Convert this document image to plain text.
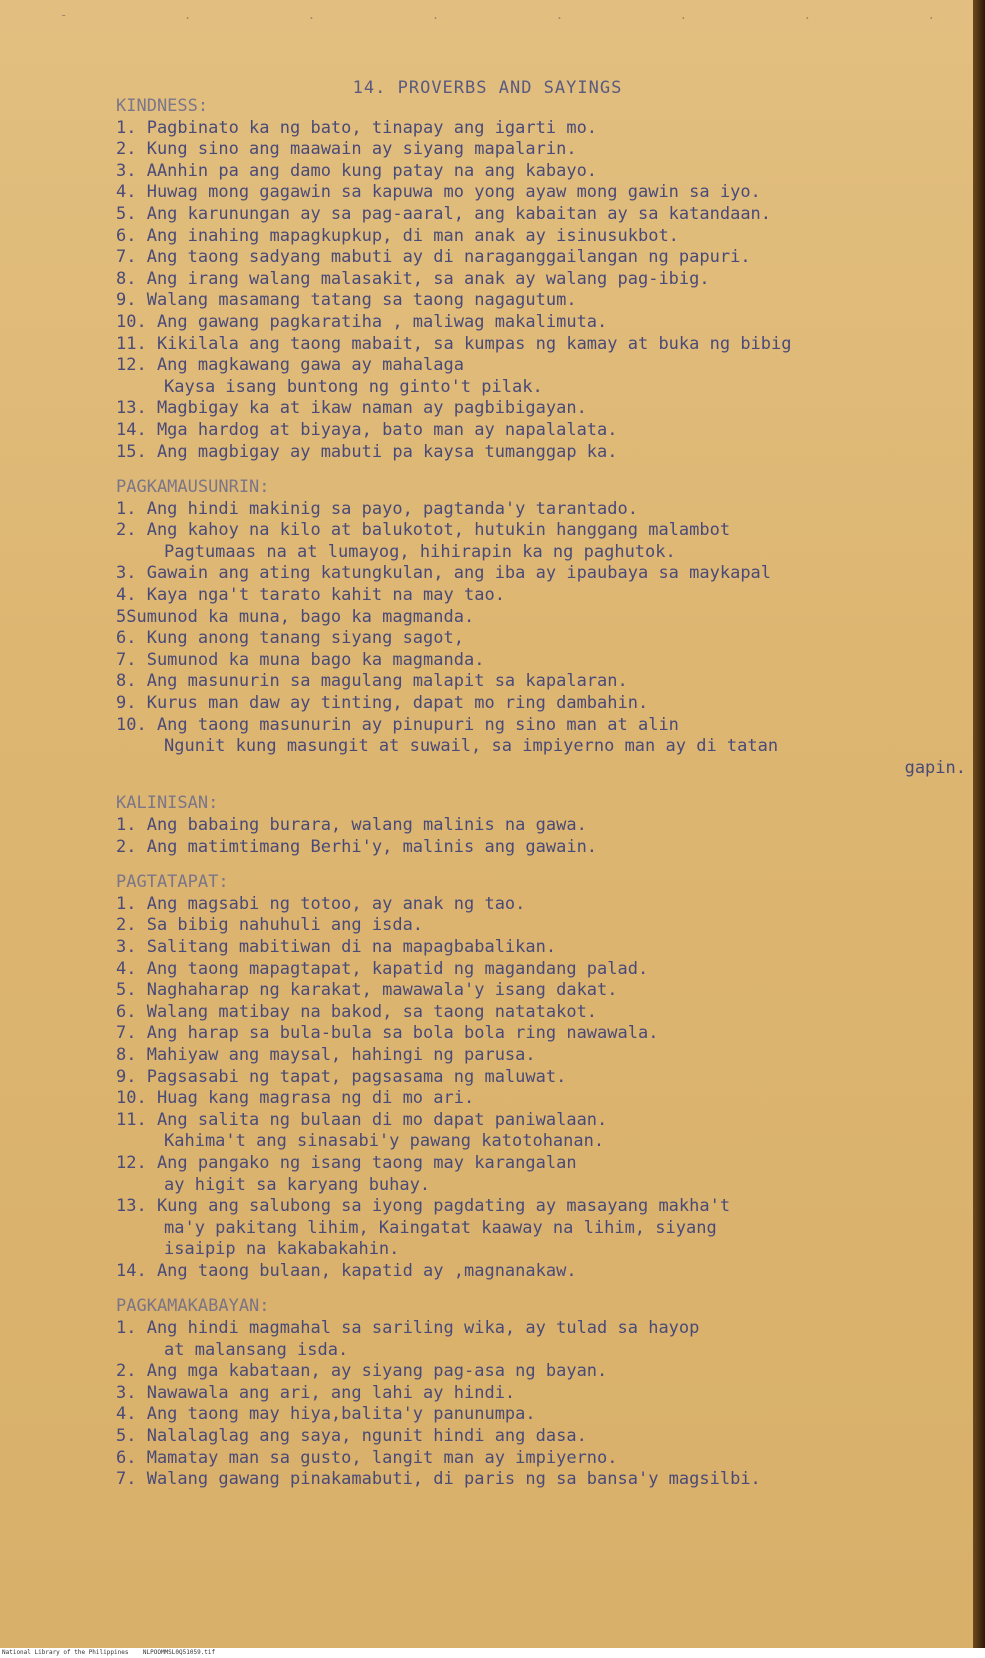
-	.	.	.	.	.	.	.
14. PROVERBS AND SAYINGS
KINDNESS:
1. Pagbinato ka ng bato, tinapay ang igarti mo.
2. Kung sino ang maawain ay siyang mapalarin.
3. AAnhin pa ang damo kung patay na ang kabayo.
4. Huwag mong gagawin sa kapuwa mo yong ayaw mong gawin sa iyo.
5. Ang karunungan ay sa pag-aaral, ang kabaitan ay sa katandaan.
6. Ang inahing mapagkupkup, di man anak ay isinusukbot.
7. Ang taong sadyang mabuti ay di naraganggailangan ng papuri.
8. Ang irang walang malasakit, sa anak ay walang pag-ibig.
9. Walang masamang tatang sa taong nagagutum.
10. Ang gawang pagkaratiha , maliwag makalimuta.
11. Kikilala ang taong mabait, sa kumpas ng kamay at buka ng bibig
12. Ang magkawang gawa ay mahalaga
Kaysa isang buntong ng ginto't pilak.
13. Magbigay ka at ikaw naman ay pagbibigayan.
14. Mga hardog at biyaya, bato man ay napalalata.
15. Ang magbigay ay mabuti pa kaysa tumanggap ka.
PAGKAMAUSUNRIN:
1. Ang hindi makinig sa payo, pagtanda'y tarantado.
2. Ang kahoy na kilo at balukotot, hutukin hanggang malambot
Pagtumaas na at lumayog, hihirapin ka ng paghutok.
3. Gawain ang ating katungkulan, ang iba ay ipaubaya sa maykapal
4. Kaya nga't tarato kahit na may tao.
5Sumunod ka muna, bago ka magmanda.
6. Kung anong tanang siyang sagot,
7. Sumunod ka muna bago ka magmanda.
8. Ang masunurin sa magulang malapit sa kapalaran.
9. Kurus man daw ay tinting, dapat mo ring dambahin.
10. Ang taong masunurin ay pinupuri ng sino man at alin
Ngunit kung masungit at suwail, sa impiyerno man ay di tatan
gapin.
KALINISAN:
1. Ang babaing burara, walang malinis na gawa.
2. Ang matimtimang Berhi'y, malinis ang gawain.
PAGTATAPAT:
1. Ang magsabi ng totoo, ay anak ng tao.
2. Sa bibig nahuhuli ang isda.
3. Salitang mabitiwan di na mapagbabalikan.
4. Ang taong mapagtapat, kapatid ng magandang palad.
5. Naghaharap ng karakat, mawawala'y isang dakat.
6. Walang matibay na bakod, sa taong natatakot.
7. Ang harap sa bula-bula sa bola bola ring nawawala.
8. Mahiyaw ang maysal, hahingi ng parusa.
9. Pagsasabi ng tapat, pagsasama ng maluwat.
10. Huag kang magrasa ng di mo ari.
11. Ang salita ng bulaan di mo dapat paniwalaan.
Kahima't ang sinasabi'y pawang katotohanan.
12. Ang pangako ng isang taong may karangalan
ay higit sa karyang buhay.
13. Kung ang salubong sa iyong pagdating ay masayang makha't
ma'y pakitang lihim, Kaingatat kaaway na lihim, siyang
isaipip na kakabakahin.
14. Ang taong bulaan, kapatid ay ,magnanakaw.
PAGKAMAKABAYAN:
1. Ang hindi magmahal sa sariling wika, ay tulad sa hayop
at malansang isda.
2. Ang mga kabataan, ay siyang pag-asa ng bayan.
3. Nawawala ang ari, ang lahi ay hindi.
4. Ang taong may hiya,balita'y panunumpa.
5. Nalalaglag ang saya, ngunit hindi ang dasa.
6. Mamatay man sa gusto, langit man ay impiyerno.
7. Walang gawang pinakamabuti, di paris ng sa bansa'y magsilbi.
National Library of the Philippines    NLPOOMMSL0Q51059.tif
